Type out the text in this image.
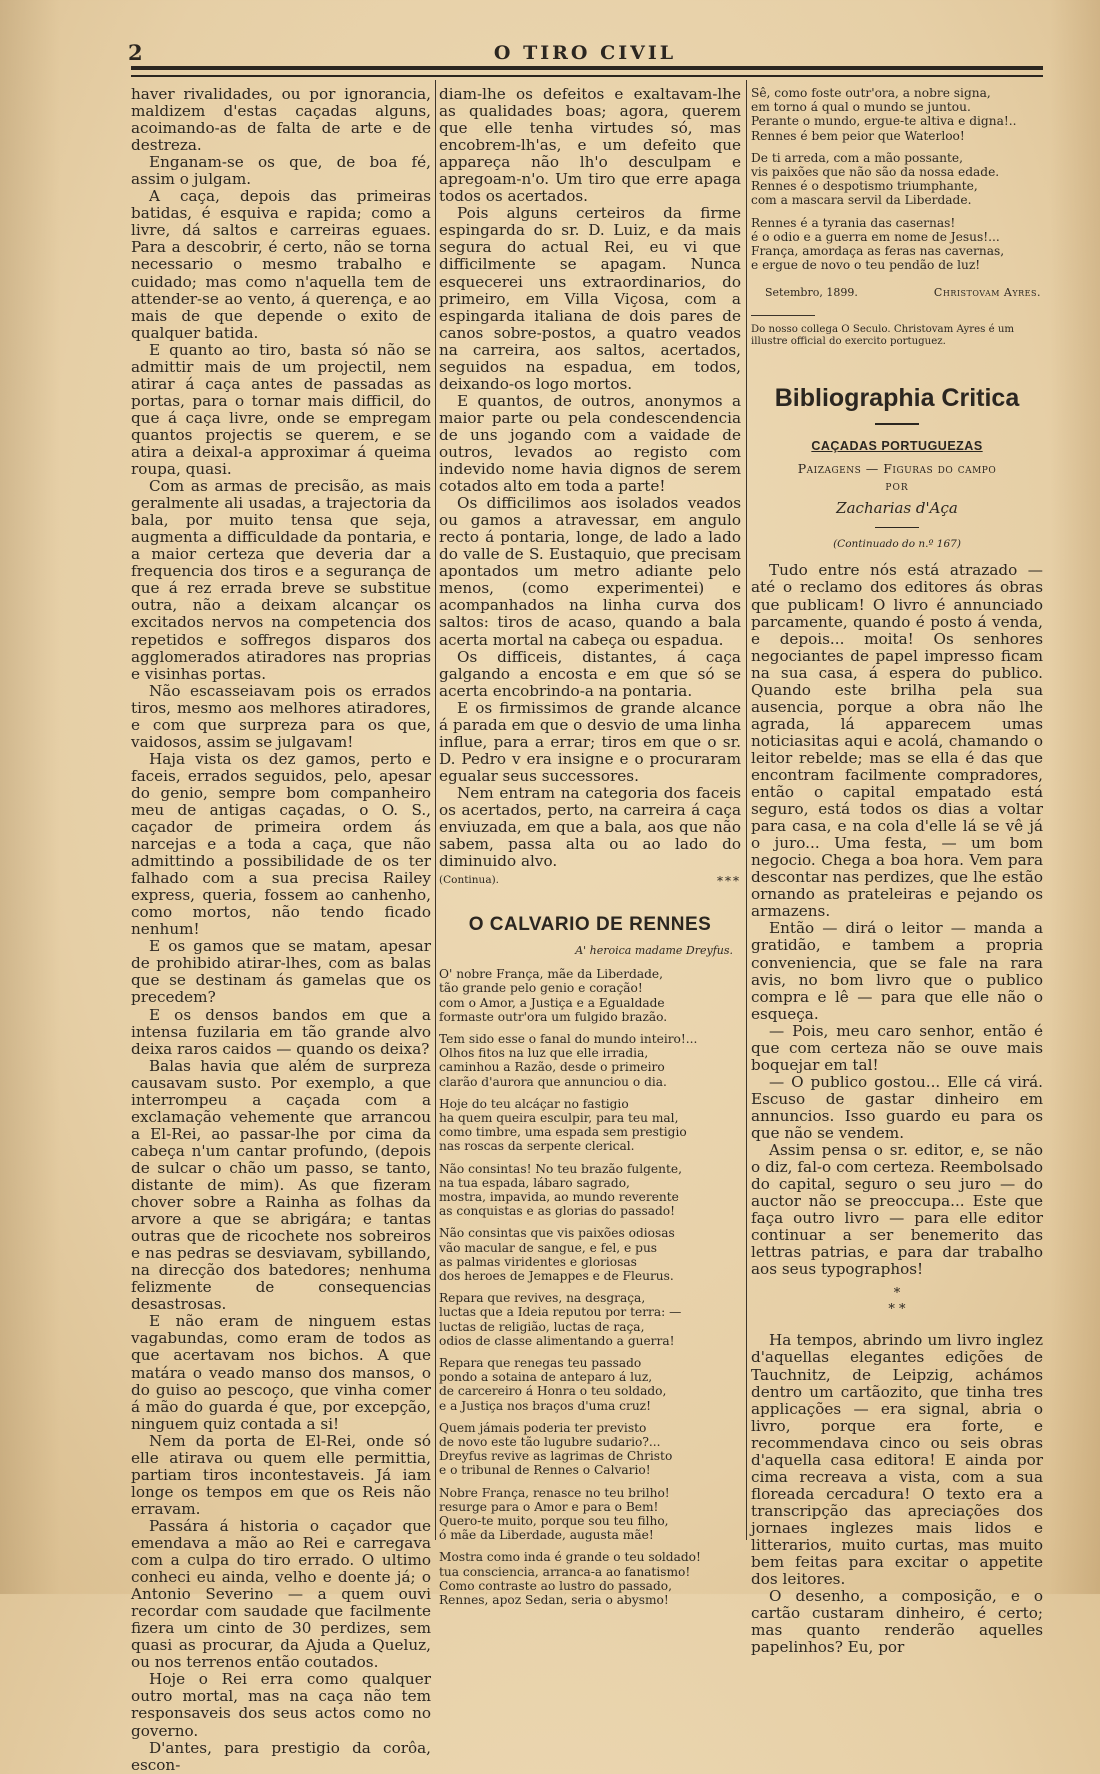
2	O TIRO CIVIL

haver rivalidades, ou por ignorancia, maldizem d'estas caçadas alguns, acoimando-as de falta de arte e de destreza.

Enganam-se os que, de boa fé, assim o julgam.

A caça, depois das primeiras batidas, é esquiva e rapida; como a livre, dá saltos e carreiras eguaes. Para a descobrir, é certo, não se torna necessario o mesmo trabalho e cuidado; mas como n'aquella tem de attender-se ao vento, á querença, e ao mais de que depende o exito de qualquer batida.

E quanto ao tiro, basta só não se admittir mais de um projectil, nem atirar á caça antes de passadas as portas, para o tornar mais difficil, do que á caça livre, onde se empregam quantos projectis se querem, e se atira a deixal-a approximar á queima roupa, quasi.

Com as armas de precisão, as mais geralmente ali usadas, a trajectoria da bala, por muito tensa que seja, augmenta a difficuldade da pontaria, e a maior certeza que deveria dar a frequencia dos tiros e a segurança de que á rez errada breve se substitue outra, não a deixam alcançar os excitados nervos na competencia dos repetidos e soffregos disparos dos agglomerados atiradores nas proprias e visinhas portas.

Não escasseiavam pois os errados tiros, mesmo aos melhores atiradores, e com que surpreza para os que, vaidosos, assim se julgavam!

Haja vista os dez gamos, perto e faceis, errados seguidos, pelo, apesar do genio, sempre bom companheiro meu de antigas caçadas, o O. S., caçador de primeira ordem ás narcejas e a toda a caça, que não admittindo a possibilidade de os ter falhado com a sua precisa Railey express, queria, fossem ao canhenho, como mortos, não tendo ficado nenhum!

E os gamos que se matam, apesar de prohibido atirar-lhes, com as balas que se destinam ás gamelas que os precedem?

E os densos bandos em que a intensa fuzilaria em tão grande alvo deixa raros caidos — quando os deixa?

Balas havia que além de surpreza causavam susto. Por exemplo, a que interrompeu a caçada com a exclamação vehemente que arrancou a El-Rei, ao passar-lhe por cima da cabeça n'um cantar profundo, (depois de sulcar o chão um passo, se tanto, distante de mim). As que fizeram chover sobre a Rainha as folhas da arvore a que se abrigára; e tantas outras que de ricochete nos sobreiros e nas pedras se desviavam, sybillando, na direcção dos batedores; nenhuma felizmente de consequencias desastrosas.

E não eram de ninguem estas vagabundas, como eram de todos as que acertavam nos bichos. A que matára o veado manso dos mansos, o do guiso ao pescoço, que vinha comer á mão do guarda é que, por excepção, ninguem quiz contada a si!

Nem da porta de El-Rei, onde só elle atirava ou quem elle permittia, partiam tiros incontestaveis. Já iam longe os tempos em que os Reis não erravam.

Passára á historia o caçador que emendava a mão ao Rei e carregava com a culpa do tiro errado. O ultimo conheci eu ainda, velho e doente já; o Antonio Severino — a quem ouvi recordar com saudade que facilmente fizera um cinto de 30 perdizes, sem quasi as procurar, da Ajuda a Queluz, ou nos terrenos então coutados.

Hoje o Rei erra como qualquer outro mortal, mas na caça não tem responsaveis dos seus actos como no governo.

D'antes, para prestigio da corôa, escon-

diam-lhe os defeitos e exaltavam-lhe as qualidades boas; agora, querem que elle tenha virtudes só, mas encobrem-lh'as, e um defeito que appareça não lh'o desculpam e apregoam-n'o. Um tiro que erre apaga todos os acertados.

Pois alguns certeiros da firme espingarda do sr. D. Luiz, e da mais segura do actual Rei, eu vi que difficilmente se apagam. Nunca esquecerei uns extraordinarios, do primeiro, em Villa Viçosa, com a espingarda italiana de dois pares de canos sobre-postos, a quatro veados na carreira, aos saltos, acertados, seguidos na espadua, em todos, deixando-os logo mortos.

E quantos, de outros, anonymos a maior parte ou pela condescendencia de uns jogando com a vaidade de outros, levados ao registo com indevido nome havia dignos de serem cotados alto em toda a parte!

Os difficilimos aos isolados veados ou gamos a atravessar, em angulo recto á pontaria, longe, de lado a lado do valle de S. Eustaquio, que precisam apontados um metro adiante pelo menos, (como experimentei) e acompanhados na linha curva dos saltos: tiros de acaso, quando a bala acerta mortal na cabeça ou espadua.

Os difficeis, distantes, á caça galgando a encosta e em que só se acerta encobrindo-a na pontaria.

E os firmissimos de grande alcance á parada em que o desvio de uma linha influe, para a errar; tiros em que o sr. D. Pedro v era insigne e o procuraram egualar seus successores.

Nem entram na categoria dos faceis os acertados, perto, na carreira á caça enviuzada, em que a bala, aos que não sabem, passa alta ou ao lado do diminuido alvo.

(Continua).	***
O CALVARIO DE RENNES
A' heroica madame Dreyfus.
O' nobre França, mãe da Liberdade,
tão grande pelo genio e coração!
com o Amor, a Justiça e a Egualdade
formaste outr'ora um fulgido brazão.
Tem sido esse o fanal do mundo inteiro!...
Olhos fitos na luz que elle irradia,
caminhou a Razão, desde o primeiro
clarão d'aurora que annunciou o dia.
Hoje do teu alcáçar no fastigio
ha quem queira esculpir, para teu mal,
como timbre, uma espada sem prestigio
nas roscas da serpente clerical.
Não consintas! No teu brazão fulgente,
na tua espada, lábaro sagrado,
mostra, impavida, ao mundo reverente
as conquistas e as glorias do passado!
Não consintas que vis paixões odiosas
vão macular de sangue, e fel, e pus
as palmas viridentes e gloriosas
dos heroes de Jemappes e de Fleurus.
Repara que revives, na desgraça,
luctas que a Ideia reputou por terra: —
luctas de religião, luctas de raça,
odios de classe alimentando a guerra!
Repara que renegas teu passado
pondo a sotaina de anteparo á luz,
de carcereiro á Honra o teu soldado,
e a Justiça nos braços d'uma cruz!
Quem jámais poderia ter previsto
de novo este tão lugubre sudario?...
Dreyfus revive as lagrimas de Christo
e o tribunal de Rennes o Calvario!
Nobre França, renasce no teu brilho!
resurge para o Amor e para o Bem!
Quero-te muito, porque sou teu filho,
ó mãe da Liberdade, augusta mãe!
Mostra como inda é grande o teu soldado!
tua consciencia, arranca-a ao fanatismo!
Como contraste ao lustro do passado,
Rennes, apoz Sedan, seria o abysmo!
Sê, como foste outr'ora, a nobre signa,
em torno á qual o mundo se juntou.
Perante o mundo, ergue-te altiva e digna!..
Rennes é bem peior que Waterloo!
De ti arreda, com a mão possante,
vis paixões que não são da nossa edade.
Rennes é o despotismo triumphante,
com a mascara servil da Liberdade.
Rennes é a tyrania das casernas!
é o odio e a guerra em nome de Jesus!...
França, amordaça as feras nas cavernas,
e ergue de novo o teu pendão de luz!
Setembro, 1899.	Christovam Ayres.
Do nosso collega O Seculo. Christovam Ayres é um illustre official do exercito portuguez.
Bibliographia Critica
CAÇADAS PORTUGUEZAS
Paizagens — Figuras do campo
POR
Zacharias d'Aça
(Continuado do n.º 167)

Tudo entre nós está atrazado — até o reclamo dos editores ás obras que publicam! O livro é annunciado parcamente, quando é posto á venda, e depois... moita! Os senhores negociantes de papel impresso ficam na sua casa, á espera do publico. Quando este brilha pela sua ausencia, porque a obra não lhe agrada, lá apparecem umas noticiasitas aqui e acolá, chamando o leitor rebelde; mas se ella é das que encontram facilmente compradores, então o capital empatado está seguro, está todos os dias a voltar para casa, e na cola d'elle lá se vê já o juro... Uma festa, — um bom negocio. Chega a boa hora. Vem para descontar nas perdizes, que lhe estão ornando as prateleiras e pejando os armazens.

Então — dirá o leitor — manda a gratidão, e tambem a propria conveniencia, que se fale na rara avis, no bom livro que o publico compra e lê — para que elle não o esqueça.

— Pois, meu caro senhor, então é que com certeza não se ouve mais boquejar em tal!

— O publico gostou... Elle cá virá. Escuso de gastar dinheiro em annuncios. Isso guardo eu para os que não se vendem.

Assim pensa o sr. editor, e, se não o diz, fal-o com certeza. Reembolsado do capital, seguro o seu juro — do auctor não se preoccupa... Este que faça outro livro — para elle editor continuar a ser benemerito das lettras patrias, e para dar trabalho aos seus typographos!

*
* *

Ha tempos, abrindo um livro inglez d'aquellas elegantes edições de Tauchnitz, de Leipzig, achámos dentro um cartãozito, que tinha tres applicações — era signal, abria o livro, porque era forte, e recommendava cinco ou seis obras d'aquella casa editora! E ainda por cima recreava a vista, com a sua floreada cercadura! O texto era a transcripção das apreciações dos jornaes inglezes mais lidos e litterarios, muito curtas, mas muito bem feitas para excitar o appetite dos leitores.

O desenho, a composição, e o cartão custaram dinheiro, é certo; mas quanto renderão aquelles papelinhos? Eu, por
